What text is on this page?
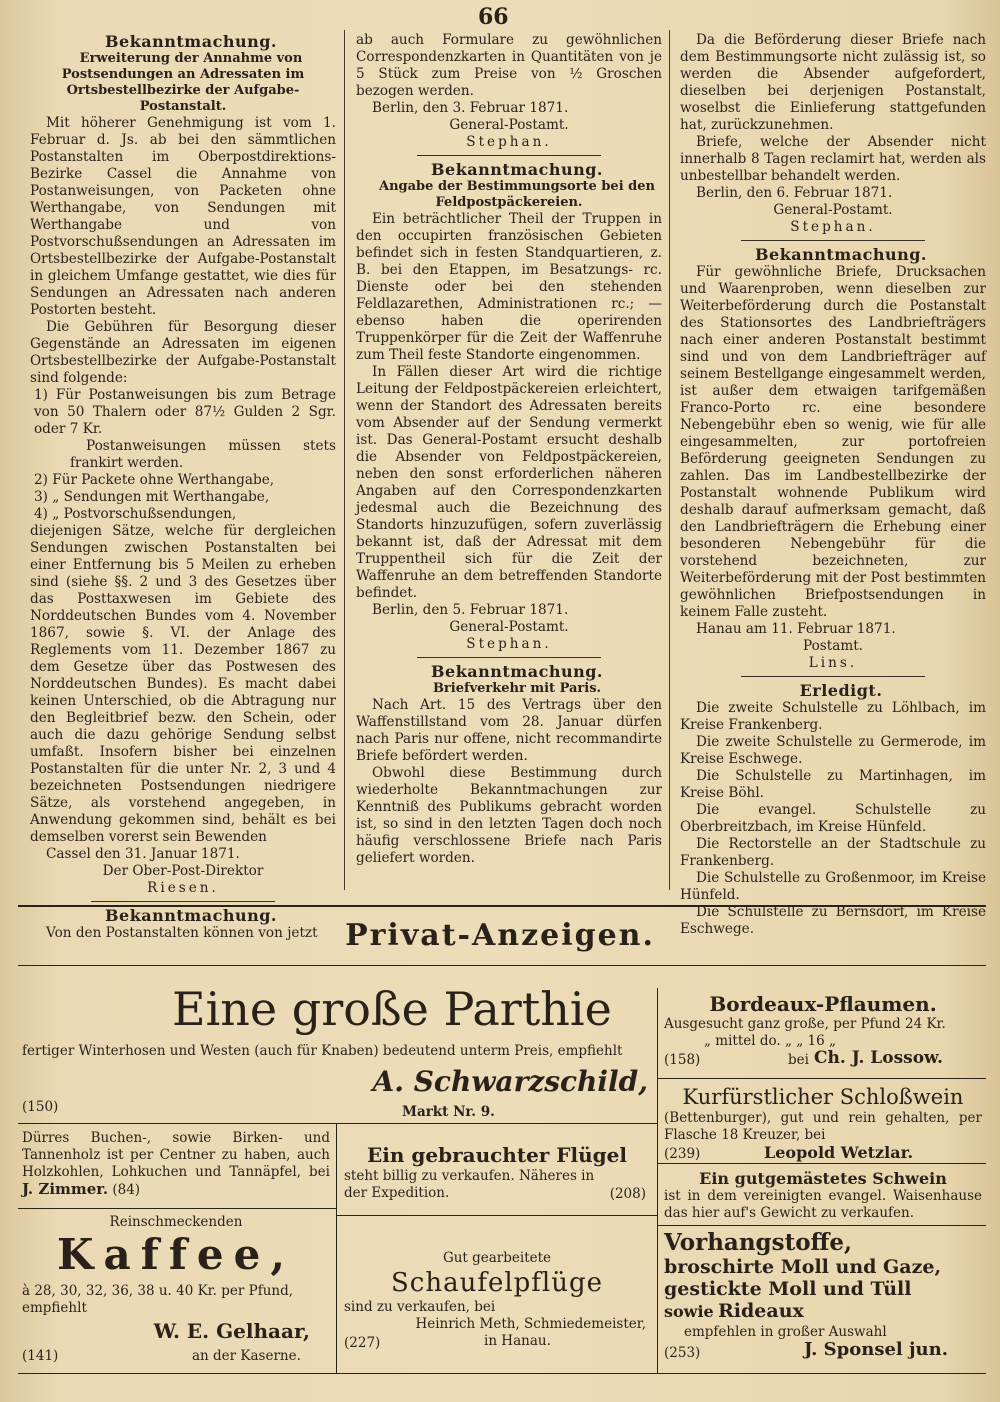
66

Bekanntmachung.

Erweiterung der Annahme von Postsendungen an Adressaten im Ortsbestellbezirke der Aufgabe-Postanstalt.

Mit höherer Genehmigung ist vom 1. Februar d. Js. ab bei den sämmtlichen Postanstalten im Oberpostdirektions-Bezirke Cassel die Annahme von Postanweisungen, von Packeten ohne Werthangabe, von Sendungen mit Werthangabe und von Postvorschußsendungen an Adressaten im Ortsbestellbezirke der Aufgabe-Postanstalt in gleichem Umfange gestattet, wie dies für Sendungen an Adressaten nach anderen Postorten besteht.

Die Gebühren für Besorgung dieser Gegenstände an Adressaten im eigenen Ortsbestellbezirke der Aufgabe-Postanstalt sind folgende:

1) Für Postanweisungen bis zum Betrage von 50 Thalern oder 87½ Gulden 2 Sgr. oder 7 Kr.

Postanweisungen müssen stets frankirt werden.

2) Für Packete ohne Werthangabe,

3) „ Sendungen mit Werthangabe,

4) „ Postvorschußsendungen,

diejenigen Sätze, welche für dergleichen Sendungen zwischen Postanstalten bei einer Entfernung bis 5 Meilen zu erheben sind (siehe §§. 2 und 3 des Gesetzes über das Posttaxwesen im Gebiete des Norddeutschen Bundes vom 4. November 1867, sowie §. VI. der Anlage des Reglements vom 11. Dezember 1867 zu dem Gesetze über das Postwesen des Norddeutschen Bundes). Es macht dabei keinen Unterschied, ob die Abtragung nur den Begleitbrief bezw. den Schein, oder auch die dazu gehörige Sendung selbst umfaßt. Insofern bisher bei einzelnen Postanstalten für die unter Nr. 2, 3 und 4 bezeichneten Postsendungen niedrigere Sätze, als vorstehend angegeben, in Anwendung gekommen sind, behält es bei demselben vorerst sein Bewenden

Cassel den 31. Januar 1871.

Der Ober-Post-Direktor

Riesen.

Bekanntmachung.

Von den Postanstalten können von jetzt

ab auch Formulare zu gewöhnlichen Correspondenzkarten in Quantitäten von je 5 Stück zum Preise von ½ Groschen bezogen werden.

Berlin, den 3. Februar 1871.

General-Postamt.

Stephan.

Bekanntmachung.

Angabe der Bestimmungsorte bei den Feldpostpäckereien.

Ein beträchtlicher Theil der Truppen in den occupirten französischen Gebieten befindet sich in festen Standquartieren, z. B. bei den Etappen, im Besatzungs- rc. Dienste oder bei den stehenden Feldlazarethen, Administrationen rc.; — ebenso haben die operirenden Truppenkörper für die Zeit der Waffenruhe zum Theil feste Standorte eingenommen.

In Fällen dieser Art wird die richtige Leitung der Feldpostpäckereien erleichtert, wenn der Standort des Adressaten bereits vom Absender auf der Sendung vermerkt ist. Das General-Postamt ersucht deshalb die Absender von Feldpostpäckereien, neben den sonst erforderlichen näheren Angaben auf den Correspondenzkarten jedesmal auch die Bezeichnung des Standorts hinzuzufügen, sofern zuverlässig bekannt ist, daß der Adressat mit dem Truppentheil sich für die Zeit der Waffenruhe an dem betreffenden Standorte befindet.

Berlin, den 5. Februar 1871.

General-Postamt.

Stephan.

Bekanntmachung.

Briefverkehr mit Paris.

Nach Art. 15 des Vertrags über den Waffenstillstand vom 28. Januar dürfen nach Paris nur offene, nicht recommandirte Briefe befördert werden.

Obwohl diese Bestimmung durch wiederholte Bekanntmachungen zur Kenntniß des Publikums gebracht worden ist, so sind in den letzten Tagen doch noch häufig verschlossene Briefe nach Paris geliefert worden.

Da die Beförderung dieser Briefe nach dem Bestimmungsorte nicht zulässig ist, so werden die Absender aufgefordert, dieselben bei derjenigen Postanstalt, woselbst die Einlieferung stattgefunden hat, zurückzunehmen.

Briefe, welche der Absender nicht innerhalb 8 Tagen reclamirt hat, werden als unbestellbar behandelt werden.

Berlin, den 6. Februar 1871.

General-Postamt.

Stephan.

Bekanntmachung.

Für gewöhnliche Briefe, Drucksachen und Waarenproben, wenn dieselben zur Weiterbeförderung durch die Postanstalt des Stationsortes des Landbriefträgers nach einer anderen Postanstalt bestimmt sind und von dem Landbriefträger auf seinem Bestellgange eingesammelt werden, ist außer dem etwaigen tarifgemäßen Franco-Porto rc. eine besondere Nebengebühr eben so wenig, wie für alle eingesammelten, zur portofreien Beförderung geeigneten Sendungen zu zahlen. Das im Landbestellbezirke der Postanstalt wohnende Publikum wird deshalb darauf aufmerksam gemacht, daß den Landbriefträgern die Erhebung einer besonderen Nebengebühr für die vorstehend bezeichneten, zur Weiterbeförderung mit der Post bestimmten gewöhnlichen Briefpostsendungen in keinem Falle zusteht.

Hanau am 11. Februar 1871.

Postamt.

Lins.

Erledigt.

Die zweite Schulstelle zu Löhlbach, im Kreise Frankenberg.

Die zweite Schulstelle zu Germerode, im Kreise Eschwege.

Die Schulstelle zu Martinhagen, im Kreise Böhl.

Die evangel. Schulstelle zu Oberbreitzbach, im Kreise Hünfeld.

Die Rectorstelle an der Stadtschule zu Frankenberg.

Die Schulstelle zu Großenmoor, im Kreise Hünfeld.

Die Schulstelle zu Bernsdorf, im Kreise Eschwege.

Privat-Anzeigen.
Eine große Parthie
fertiger Winterhosen und Westen (auch für Knaben) bedeutend unterm Preis, empfiehlt
A. Schwarzschild,
Markt Nr. 9.
(150)
Bordeaux-Pflaumen.
Ausgesucht ganz große, per Pfund 24 Kr.
„ mittel do. „ „ 16 „
(158)	bei Ch. J. Lossow.
Kurfürstlicher Schloßwein
(Bettenburger), gut und rein gehalten, per Flasche 18 Kreuzer, bei
(239)	Leopold Wetzlar.
Dürres Buchen-, sowie Birken- und Tannenholz ist per Centner zu haben, auch Holzkohlen, Lohkuchen und Tannäpfel, bei J. Zimmer. (84)
Ein gebrauchter Flügel
steht billig zu verkaufen. Näheres in der Expedition.	(208)
Ein gutgemästetes Schwein
ist in dem vereinigten evangel. Waisenhause das hier auf's Gewicht zu verkaufen.
Reinschmeckenden
Kaffee,
à 28, 30, 32, 36, 38 u. 40 Kr. per Pfund, empfiehlt
W. E. Gelhaar,
an der Kaserne.
(141)
Gut gearbeitete
Schaufelpflüge
sind zu verkaufen, bei
Heinrich Meth, Schmiedemeister,
(227)	in Hanau.
Vorhangstoffe,
broschirte Moll und Gaze,
gestickte Moll und Tüll
sowie Rideaux
empfehlen in großer Auswahl
(253)	J. Sponsel jun.
